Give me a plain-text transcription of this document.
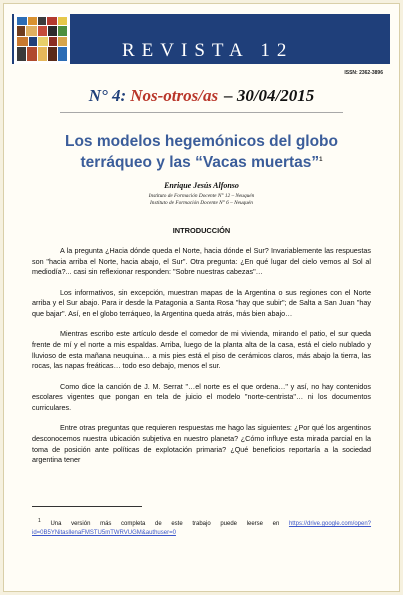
REVISTA 12
ISSN: 2362-3896
N° 4: Nos-otros/as – 30/04/2015
Los modelos hegemónicos del globo terráqueo y las “Vacas muertas”$^1$
Enrique Jesús Alfonso
Instituto de Formación Docente N° 12 – Neuquén
Instituto de Formación Docente N° 6 – Neuquén
INTRODUCCIÓN

A la pregunta ¿Hacia dónde queda el Norte, hacia dónde el Sur? Invariablemente las respuestas son "hacia arriba el Norte, hacia abajo, el Sur". Otra pregunta: ¿En qué lugar del cielo vemos al Sol al mediodía?... casi sin reflexionar responden: "Sobre nuestras cabezas"…

Los informativos, sin excepción, muestran mapas de la Argentina o sus regiones con el Norte arriba y el Sur abajo. Para ir desde la Patagonia a Santa Rosa "hay que subir"; de Salta a San Juan "hay que bajar". Así, en el globo terráqueo, la Argentina queda atrás, más bien abajo…

Mientras escribo este artículo desde el comedor de mi vivienda, mirando el patio, el sur queda frente de mí y el norte a mis espaldas. Arriba, luego de la planta alta de la casa, está el cielo nublado y lluvioso de esta mañana neuquina… a mis pies está el piso de cerámicos claros, más abajo la tierra, las rocas, las napas freáticas… todo eso debajo, menos el sur.

Como dice la canción de J. M. Serrat "…el norte es el que ordena…" y así, no hay contenidos escolares vigentes que pongan en tela de juicio el modelo "norte-centrista"… ni los documentos curriculares.

Entre otras preguntas que requieren respuestas me hago las siguientes: ¿Por qué los argentinos desconocemos nuestra ubicación subjetiva en nuestro planeta? ¿Cómo influye esta mirada parcial en la toma de posición ante políticas de explotación primaria? ¿Qué beneficios reportaría a la sociedad argentina tener

$^1$ Una versión más completa de este trabajo puede leerse en https://drive.google.com/open?id=0B5YNitasllenaFMSTU5mTWRVUGM&authuser=0
